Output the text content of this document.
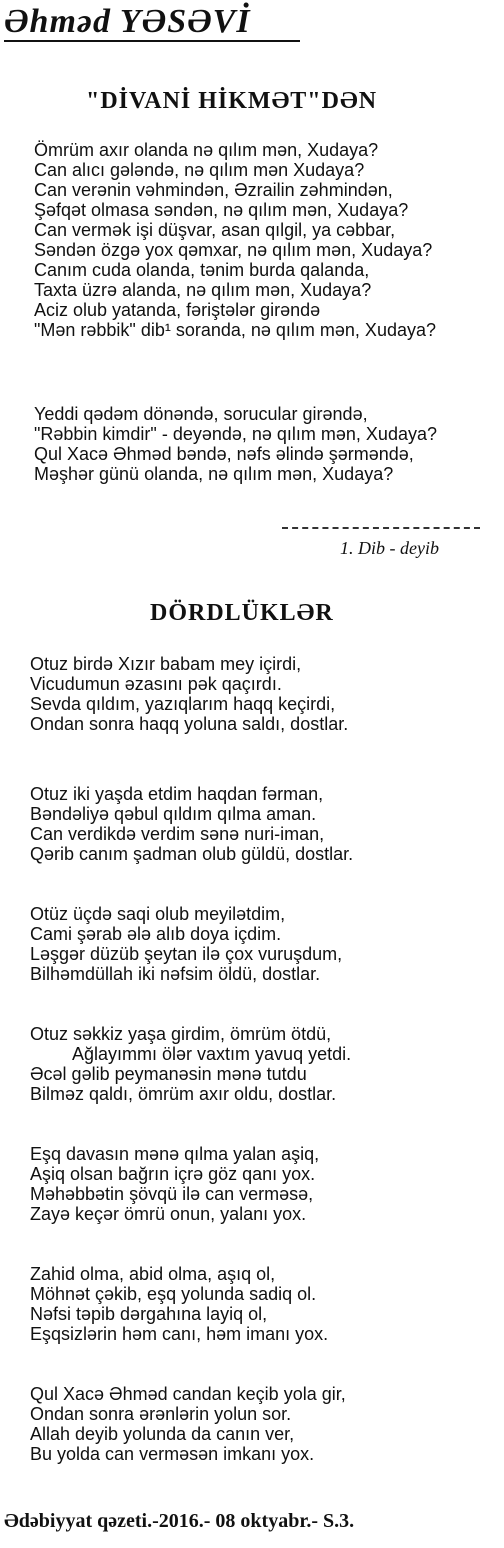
Əhməd YƏSƏVİ
"DİVANİ HİKMƏT"DƏN
Ömrüm axır olanda nə qılım mən, Xudaya?
Can alıcı gələndə, nə qılım mən Xudaya?
Can verənin vəhmindən, Əzrailin zəhmindən,
Şəfqət olmasa səndən, nə qılım mən, Xudaya?
Can vermək işi düşvar, asan qılgil, ya cəbbar,
Səndən özgə yox qəmxar, nə qılım mən, Xudaya?
Canım cuda olanda, tənim burda qalanda,
Taxta üzrə alanda, nə qılım mən, Xudaya?
Aciz olub yatanda, fəriştələr girəndə
"Mən rəbbik" dib¹ soranda, nə qılım mən, Xudaya?
Yeddi qədəm dönəndə, sorucular girəndə,
"Rəbbin kimdir" - deyəndə, nə qılım mən, Xudaya?
Qul Xacə Əhməd bəndə, nəfs əlində şərməndə,
Məşhər günü olanda, nə qılım mən, Xudaya?
1. Dib - deyib
DÖRDLÜKLƏR
Otuz birdə Xızır babam mey içirdi,
Vicudumun əzasını pək qaçırdı.
Sevda qıldım, yazıqlarım haqq keçirdi,
Ondan sonra haqq yoluna saldı, dostlar.
Otuz iki yaşda etdim haqdan fərman,
Bəndəliyə qəbul qıldım qılma aman.
Can verdikdə verdim sənə nuri-iman,
Qərib canım şadman olub güldü, dostlar.
Otüz üçdə saqi olub meyilətdim,
Cami şərab ələ alıb doya içdim.
Ləşgər düzüb şeytan ilə çox vuruşdum,
Bilhəmdüllah iki nəfsim öldü, dostlar.
Otuz səkkiz yaşa girdim, ömrüm ötdü,
Ağlayımmı ölər vaxtım yavuq yetdi.
Əcəl gəlib peymanəsin mənə tutdu
Bilməz qaldı, ömrüm axır oldu, dostlar.
Eşq davasın mənə qılma yalan aşiq,
Aşiq olsan bağrın içrə göz qanı yox.
Məhəbbətin şövqü ilə can verməsə,
Zayə keçər ömrü onun, yalanı yox.
Zahid olma, abid olma, aşıq ol,
Möhnət çəkib, eşq yolunda sadiq ol.
Nəfsi təpib dərgahına layiq ol,
Eşqsizlərin həm canı, həm imanı yox.
Qul Xacə Əhməd candan keçib yola gir,
Ondan sonra ərənlərin yolun sor.
Allah deyib yolunda da canın ver,
Bu yolda can verməsən imkanı yox.
Ədəbiyyat qəzeti.-2016.- 08 oktyabr.- S.3.
